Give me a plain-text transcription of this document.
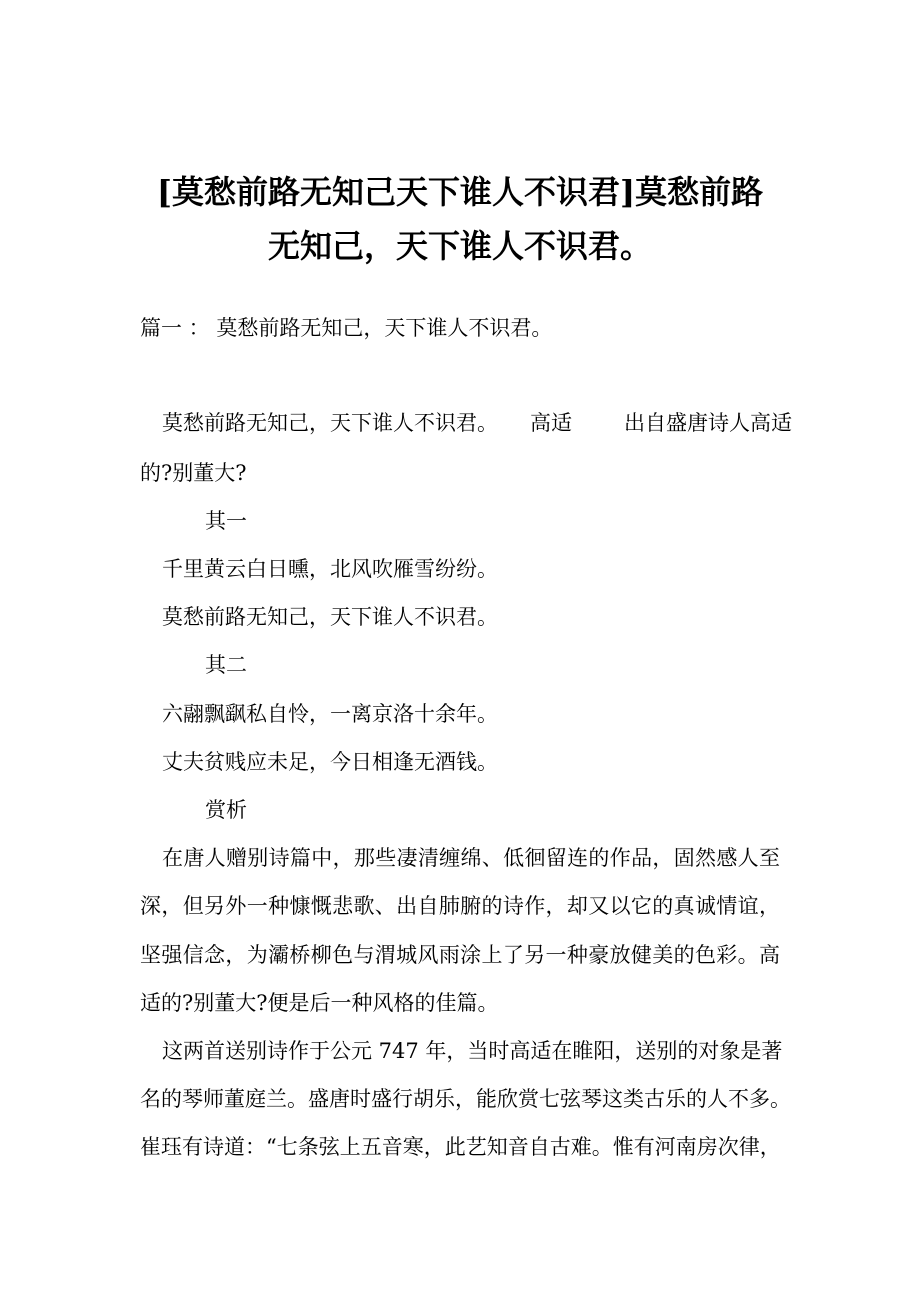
[莫愁前路无知己天下谁人不识君]莫愁前路
无知己，天下谁人不识君。
篇一 ： 莫愁前路无知己，天下谁人不识君。
莫愁前路无知己，天下谁人不识君。 高适 出自盛唐诗人高适
的?别董大?
其一
千里黄云白日曛，北风吹雁雪纷纷。
莫愁前路无知己，天下谁人不识君。
其二
六翮飘飖私自怜，一离京洛十余年。
丈夫贫贱应未足，今日相逢无酒钱。
赏析
在唐人赠别诗篇中，那些凄清缠绵、低徊留连的作品，固然感人至
深，但另外一种慷慨悲歌、出自肺腑的诗作，却又以它的真诚情谊，
坚强信念，为灞桥柳色与渭城风雨涂上了另一种豪放健美的色彩。高
适的?别董大?便是后一种风格的佳篇。
这两首送别诗作于公元 747 年，当时高适在睢阳，送别的对象是著
名的琴师董庭兰。盛唐时盛行胡乐，能欣赏七弦琴这类古乐的人不多。
崔珏有诗道：“七条弦上五音寒，此艺知音自古难。惟有河南房次律，
